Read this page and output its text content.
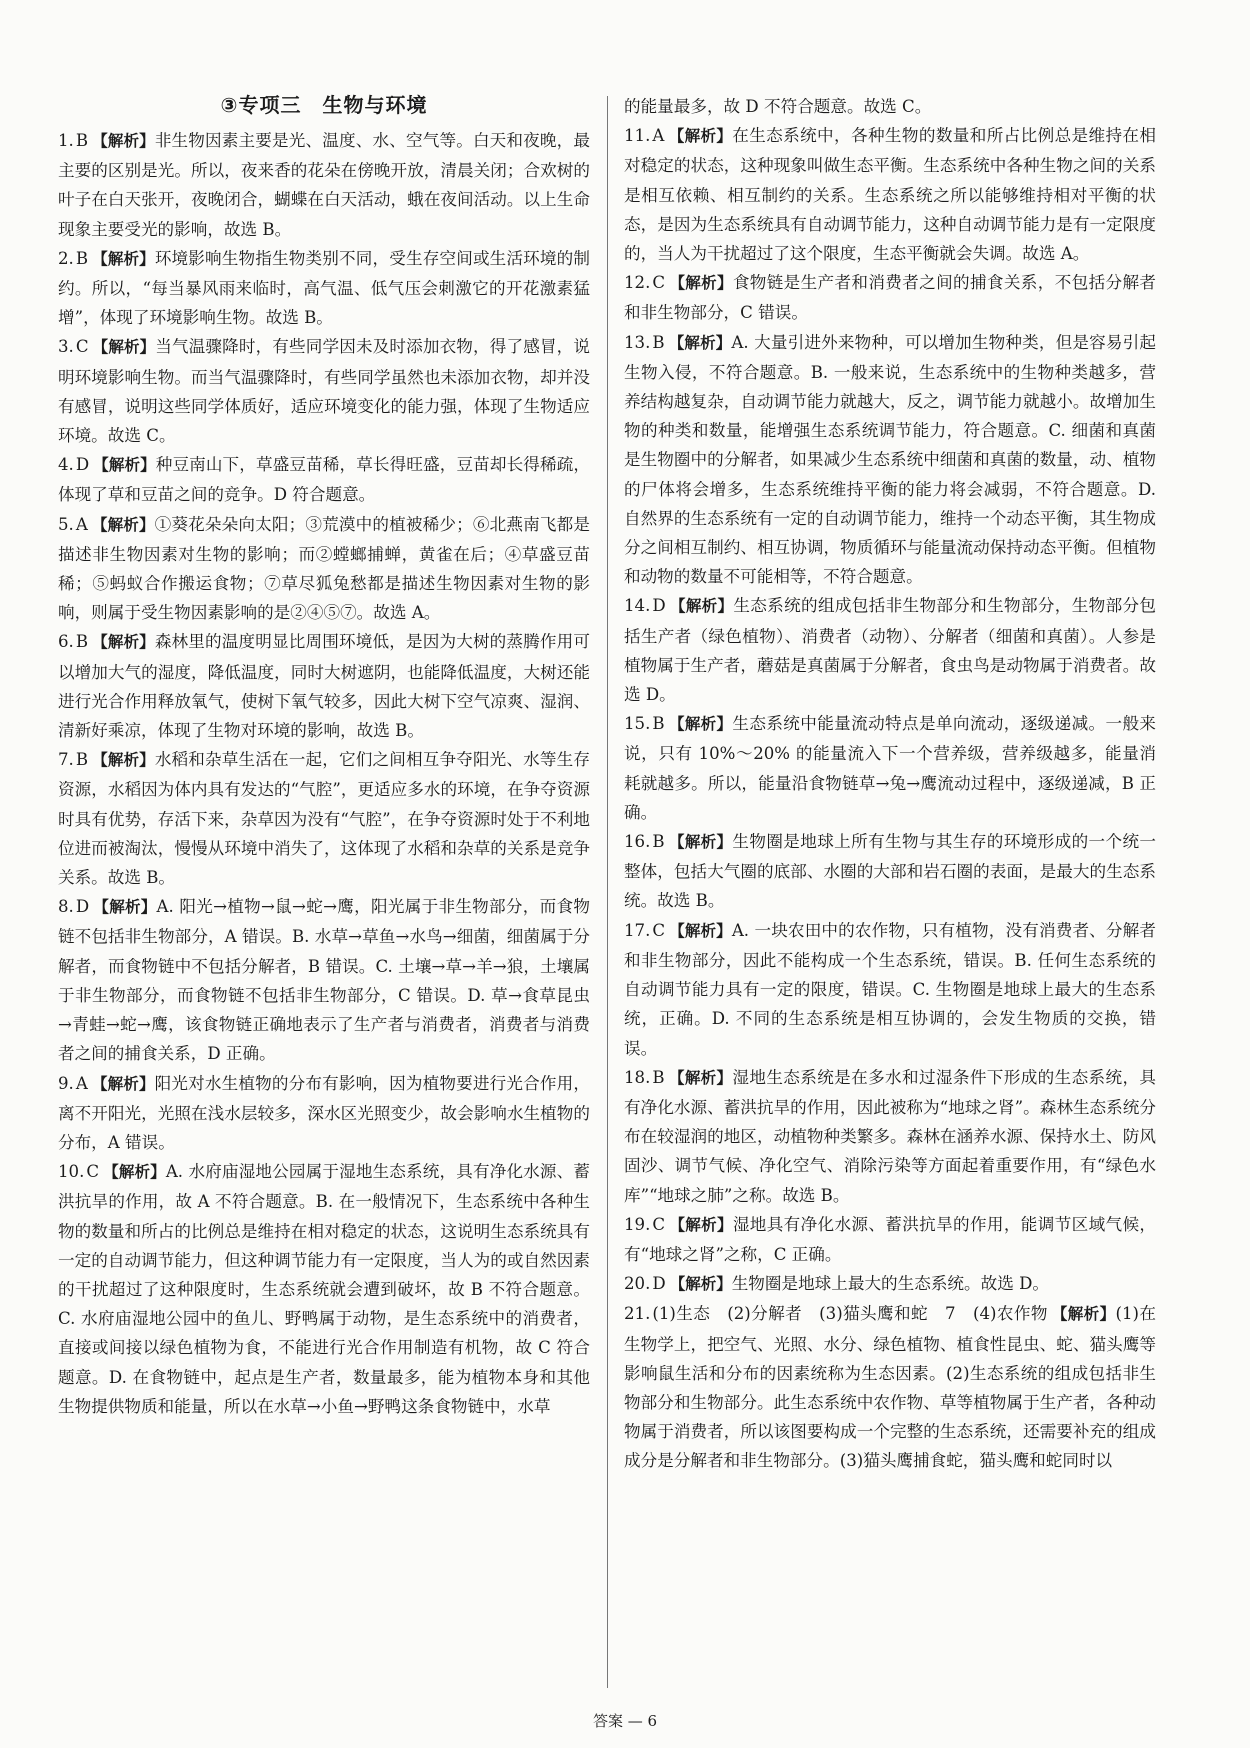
③专项三　生物与环境

1. B 【解析】非生物因素主要是光、温度、水、空气等。白天和夜晚，最主要的区别是光。所以，夜来香的花朵在傍晚开放，清晨关闭；合欢树的叶子在白天张开，夜晚闭合，蝴蝶在白天活动，蛾在夜间活动。以上生命现象主要受光的影响，故选 B。

2. B 【解析】环境影响生物指生物类别不同，受生存空间或生活环境的制约。所以，“每当暴风雨来临时，高气温、低气压会刺激它的开花激素猛增”，体现了环境影响生物。故选 B。

3. C 【解析】当气温骤降时，有些同学因未及时添加衣物，得了感冒，说明环境影响生物。而当气温骤降时，有些同学虽然也未添加衣物，却并没有感冒，说明这些同学体质好，适应环境变化的能力强，体现了生物适应环境。故选 C。

4. D 【解析】种豆南山下，草盛豆苗稀，草长得旺盛，豆苗却长得稀疏，体现了草和豆苗之间的竞争。D 符合题意。

5. A 【解析】①葵花朵朵向太阳；③荒漠中的植被稀少；⑥北燕南飞都是描述非生物因素对生物的影响；而②螳螂捕蝉，黄雀在后；④草盛豆苗稀；⑤蚂蚁合作搬运食物；⑦草尽狐兔愁都是描述生物因素对生物的影响，则属于受生物因素影响的是②④⑤⑦。故选 A。

6. B 【解析】森林里的温度明显比周围环境低，是因为大树的蒸腾作用可以增加大气的湿度，降低温度，同时大树遮阴，也能降低温度，大树还能进行光合作用释放氧气，使树下氧气较多，因此大树下空气凉爽、湿润、清新好乘凉，体现了生物对环境的影响，故选 B。

7. B 【解析】水稻和杂草生活在一起，它们之间相互争夺阳光、水等生存资源，水稻因为体内具有发达的“气腔”，更适应多水的环境，在争夺资源时具有优势，存活下来，杂草因为没有“气腔”，在争夺资源时处于不利地位进而被淘汰，慢慢从环境中消失了，这体现了水稻和杂草的关系是竞争关系。故选 B。

8. D 【解析】A. 阳光→植物→鼠→蛇→鹰，阳光属于非生物部分，而食物链不包括非生物部分，A 错误。B. 水草→草鱼→水鸟→细菌，细菌属于分解者，而食物链中不包括分解者，B 错误。C. 土壤→草→羊→狼，土壤属于非生物部分，而食物链不包括非生物部分，C 错误。D. 草→食草昆虫→青蛙→蛇→鹰，该食物链正确地表示了生产者与消费者，消费者与消费者之间的捕食关系，D 正确。

9. A 【解析】阳光对水生植物的分布有影响，因为植物要进行光合作用，离不开阳光，光照在浅水层较多，深水区光照变少，故会影响水生植物的分布，A 错误。

10. C 【解析】A. 水府庙湿地公园属于湿地生态系统，具有净化水源、蓄洪抗旱的作用，故 A 不符合题意。B. 在一般情况下，生态系统中各种生物的数量和所占的比例总是维持在相对稳定的状态，这说明生态系统具有一定的自动调节能力，但这种调节能力有一定限度，当人为的或自然因素的干扰超过了这种限度时，生态系统就会遭到破坏，故 B 不符合题意。C. 水府庙湿地公园中的鱼儿、野鸭属于动物，是生态系统中的消费者，直接或间接以绿色植物为食，不能进行光合作用制造有机物，故 C 符合题意。D. 在食物链中，起点是生产者，数量最多，能为植物本身和其他生物提供物质和能量，所以在水草→小鱼→野鸭这条食物链中，水草

的能量最多，故 D 不符合题意。故选 C。

11. A 【解析】在生态系统中，各种生物的数量和所占比例总是维持在相对稳定的状态，这种现象叫做生态平衡。生态系统中各种生物之间的关系是相互依赖、相互制约的关系。生态系统之所以能够维持相对平衡的状态，是因为生态系统具有自动调节能力，这种自动调节能力是有一定限度的，当人为干扰超过了这个限度，生态平衡就会失调。故选 A。

12. C 【解析】食物链是生产者和消费者之间的捕食关系，不包括分解者和非生物部分，C 错误。

13. B 【解析】A. 大量引进外来物种，可以增加生物种类，但是容易引起生物入侵，不符合题意。B. 一般来说，生态系统中的生物种类越多，营养结构越复杂，自动调节能力就越大，反之，调节能力就越小。故增加生物的种类和数量，能增强生态系统调节能力，符合题意。C. 细菌和真菌是生物圈中的分解者，如果减少生态系统中细菌和真菌的数量，动、植物的尸体将会增多，生态系统维持平衡的能力将会减弱，不符合题意。D. 自然界的生态系统有一定的自动调节能力，维持一个动态平衡，其生物成分之间相互制约、相互协调，物质循环与能量流动保持动态平衡。但植物和动物的数量不可能相等，不符合题意。

14. D 【解析】生态系统的组成包括非生物部分和生物部分，生物部分包括生产者（绿色植物）、消费者（动物）、分解者（细菌和真菌）。人参是植物属于生产者，蘑菇是真菌属于分解者，食虫鸟是动物属于消费者。故选 D。

15. B 【解析】生态系统中能量流动特点是单向流动，逐级递减。一般来说，只有 10%～20% 的能量流入下一个营养级，营养级越多，能量消耗就越多。所以，能量沿食物链草→兔→鹰流动过程中，逐级递减，B 正确。

16. B 【解析】生物圈是地球上所有生物与其生存的环境形成的一个统一整体，包括大气圈的底部、水圈的大部和岩石圈的表面，是最大的生态系统。故选 B。

17. C 【解析】A. 一块农田中的农作物，只有植物，没有消费者、分解者和非生物部分，因此不能构成一个生态系统，错误。B. 任何生态系统的自动调节能力具有一定的限度，错误。C. 生物圈是地球上最大的生态系统，正确。D. 不同的生态系统是相互协调的，会发生物质的交换，错误。

18. B 【解析】湿地生态系统是在多水和过湿条件下形成的生态系统，具有净化水源、蓄洪抗旱的作用，因此被称为“地球之肾”。森林生态系统分布在较湿润的地区，动植物种类繁多。森林在涵养水源、保持水土、防风固沙、调节气候、净化空气、消除污染等方面起着重要作用，有“绿色水库”“地球之肺”之称。故选 B。

19. C 【解析】湿地具有净化水源、蓄洪抗旱的作用，能调节区域气候，有“地球之肾”之称，C 正确。

20. D 【解析】生物圈是地球上最大的生态系统。故选 D。

21. (1)生态　(2)分解者　(3)猫头鹰和蛇　7　(4)农作物 【解析】(1)在生物学上，把空气、光照、水分、绿色植物、植食性昆虫、蛇、猫头鹰等影响鼠生活和分布的因素统称为生态因素。(2)生态系统的组成包括非生物部分和生物部分。此生态系统中农作物、草等植物属于生产者，各种动物属于消费者，所以该图要构成一个完整的生态系统，还需要补充的组成成分是分解者和非生物部分。(3)猫头鹰捕食蛇，猫头鹰和蛇同时以

答案 — 6
